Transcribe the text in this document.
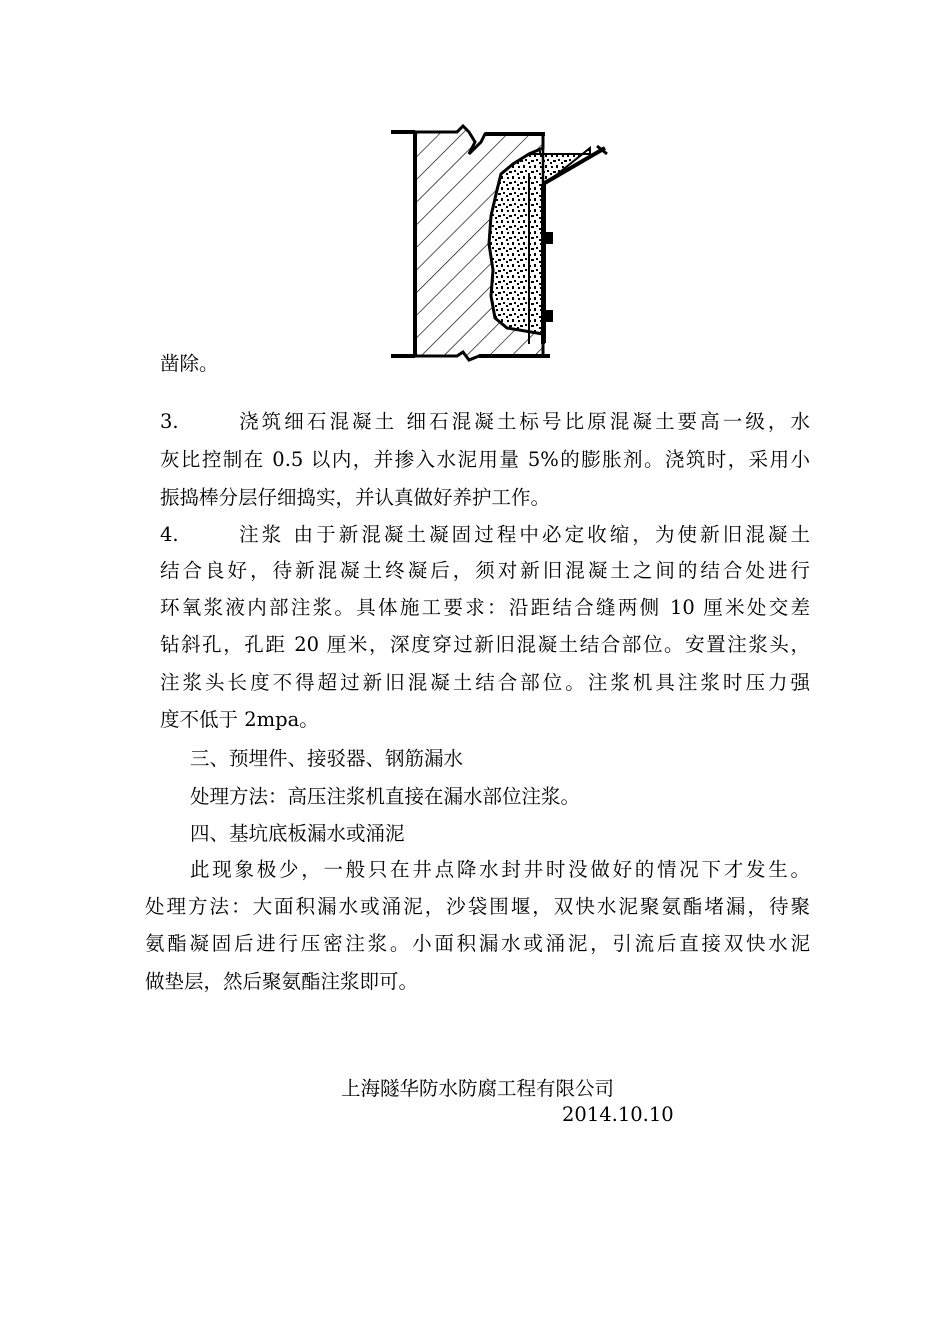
凿除。
3.	浇筑细石混凝土 细石混凝土标号比原混凝土要高一级，水
灰比控制在 0.5 以内，并掺入水泥用量 5%的膨胀剂。浇筑时，采用小
振捣棒分层仔细捣实，并认真做好养护工作。
4.	注浆 由于新混凝土凝固过程中必定收缩，为使新旧混凝土
结合良好，待新混凝土终凝后，须对新旧混凝土之间的结合处进行
环氧浆液内部注浆。具体施工要求：沿距结合缝两侧 10 厘米处交差
钻斜孔，孔距 20 厘米，深度穿过新旧混凝土结合部位。安置注浆头，
注浆头长度不得超过新旧混凝土结合部位。注浆机具注浆时压力强
度不低于 2mpa。
三、预埋件、接驳器、钢筋漏水
处理方法：高压注浆机直接在漏水部位注浆。
四、基坑底板漏水或涌泥
此现象极少，一般只在井点降水封井时没做好的情况下才发生。
处理方法：大面积漏水或涌泥，沙袋围堰，双快水泥聚氨酯堵漏，待聚
氨酯凝固后进行压密注浆。小面积漏水或涌泥，引流后直接双快水泥
做垫层，然后聚氨酯注浆即可。
上海隧华防水防腐工程有限公司
2014.10.10
